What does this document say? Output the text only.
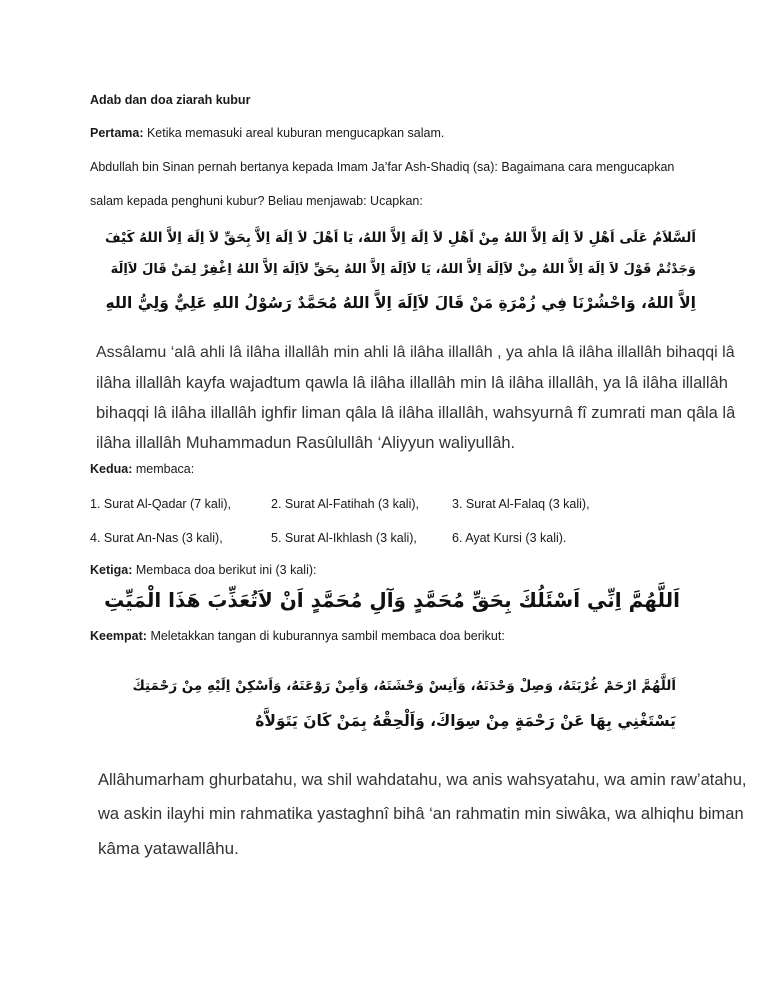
Adab dan doa ziarah kubur
Pertama: Ketika memasuki areal kuburan mengucapkan salam.
Abdullah bin Sinan pernah bertanya kepada Imam Ja’far Ash-Shadiq (sa): Bagaimana cara mengucapkan
salam kepada penghuni kubur? Beliau menjawab: Ucapkan:
اَلسَّلاَمُ عَلَى اَهْلِ لاَ اِلَهَ اِلاَّ اللهُ مِنْ اَهْلِ لاَ اِلَهَ اِلاَّ اللهُ، يَا اَهْلَ لاَ اِلَهَ اِلاَّ بِحَقِّ لاَ اِلَهَ اِلاَّ اللهُ كَيْفَ
وَجَدْتُمْ قَوْلَ لاَ اِلَهَ اِلاَّ اللهُ مِنْ لاَاِلَهَ اِلاَّ اللهُ، يَا لاَاِلَهَ اِلاَّ اللهُ بِحَقِّ لاَاِلَهَ اِلاَّ اللهُ اِغْفِرْ لِمَنْ قَالَ لاَاِلَهَ
اِلاَّ اللهُ، وَاحْشُرْنَا فِي زُمْرَةِ مَنْ قَالَ لاَاِلَهَ اِلاَّ اللهُ مُحَمَّدٌ رَسُوْلُ اللهِ عَلِيٌّ وَلِيُّ اللهِ
Assâlamu ‘alâ ahli lâ ilâha illallâh min ahli lâ ilâha illallâh , ya ahla lâ ilâha illallâh bihaqqi lâ
ilâha illallâh kayfa wajadtum qawla lâ ilâha illallâh min lâ ilâha illallâh, ya lâ ilâha illallâh
bihaqqi lâ ilâha illallâh ighfir liman qâla lâ ilâha illallâh, wahsyurnâ fî zumrati man qâla lâ
ilâha illallâh Muhammadun Rasûlullâh ‘Aliyyun waliyullâh.
Kedua: membaca:
1. Surat Al-Qadar (7 kali),	2. Surat Al-Fatihah (3 kali),	3. Surat Al-Falaq (3 kali),
4. Surat An-Nas (3 kali),	5. Surat Al-Ikhlash (3 kali),	6. Ayat Kursi (3 kali).
Ketiga: Membaca doa berikut ini (3 kali):
اَللَّهُمَّ اِنِّي اَسْئَلُكَ بِحَقِّ مُحَمَّدٍ وَآلِ مُحَمَّدٍ اَنْ لاَتُعَذِّبَ هَذَا الْمَيِّتِ
Keempat: Meletakkan tangan di kuburannya sambil membaca doa berikut:
اَللَّهُمَّ ارْحَمْ غُرْبَتَهُ، وَصِلْ وَحْدَتَهُ، وَاَنِسْ وَحْشَتَهُ، وَاَمِنْ رَوْعَتَهُ، وَاَسْكِنْ اِلَيْهِ مِنْ رَحْمَتِكَ
يَسْتَغْنِي بِهَا عَنْ رَحْمَةٍ مِنْ سِوَاكَ، وَاَلْحِقْهُ بِمَنْ كَانَ يَتَوَلاَّهُ
Allâhumarham ghurbatahu, wa shil wahdatahu, wa anis wahsyatahu, wa amin raw’atahu,
wa askin ilayhi min rahmatika yastaghnî bihâ ‘an rahmatin min siwâka, wa alhiqhu biman
kâma yatawallâhu.
